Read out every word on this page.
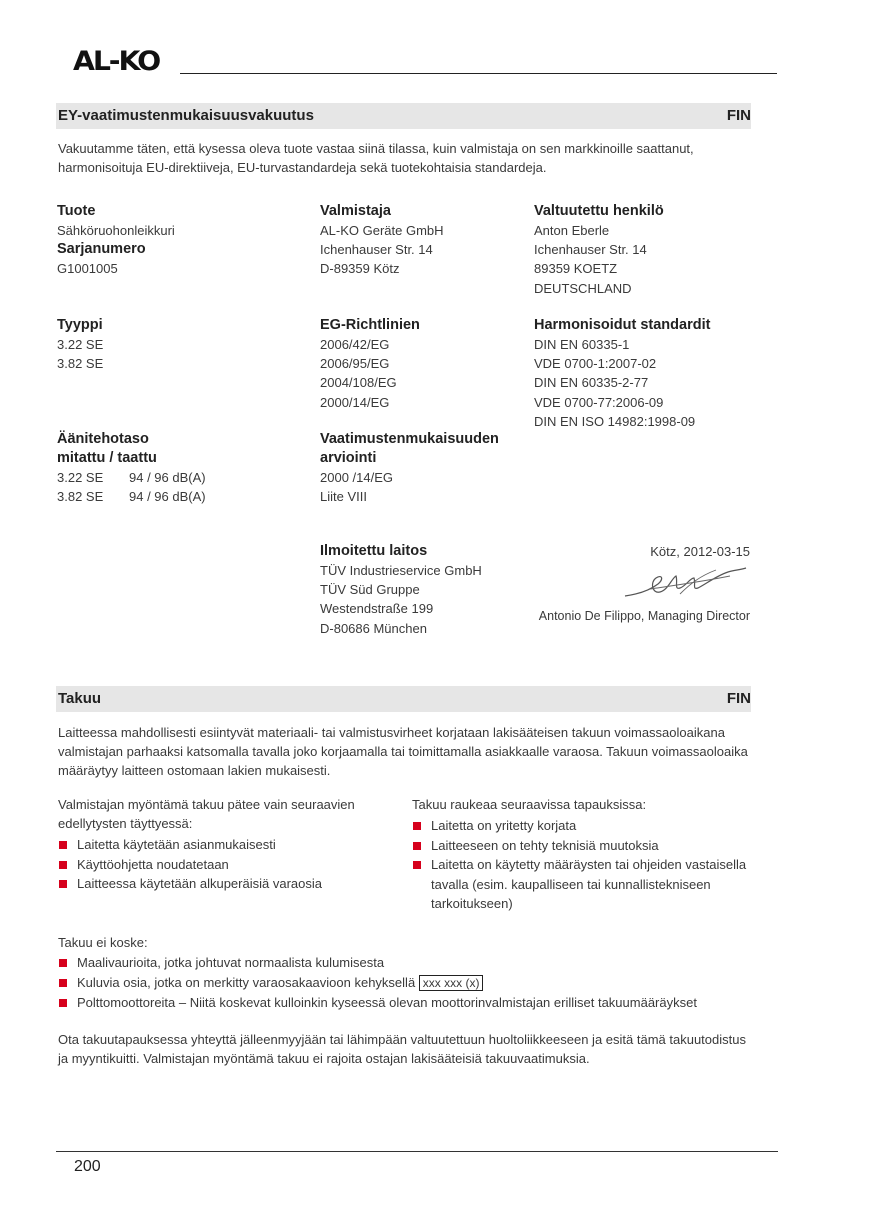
AL-KO
EY-vaatimustenmukaisuusvakuutus	FIN
Vakuutamme täten, että kysessa oleva tuote vastaa siinä tilassa, kuin valmistaja on sen markkinoille saattanut, harmonisoituja EU-direktiiveja, EU-turvastandardeja sekä tuotekohtaisia standardeja.
Tuote
Sähköruohonleikkuri
Sarjanumero
G1001005
Valmistaja
AL-KO Geräte GmbH
Ichenhauser Str. 14
D-89359 Kötz
Valtuutettu henkilö
Anton Eberle
Ichenhauser Str. 14
89359 KOETZ
DEUTSCHLAND
Tyyppi
3.22 SE
3.82 SE
EG-Richtlinien
2006/42/EG
2006/95/EG
2004/108/EG
2000/14/EG
Harmonisoidut standardit
DIN EN 60335-1
VDE 0700-1:2007-02
DIN EN 60335-2-77
VDE 0700-77:2006-09
DIN EN ISO 14982:1998-09
Äänitehotaso
mitattu / taattu
3.22 SE 94 / 96 dB(A)
3.82 SE 94 / 96 dB(A)
Vaatimustenmukaisuuden
arviointi
2000 /14/EG
Liite VIII
Ilmoitettu laitos
TÜV Industrieservice GmbH
TÜV Süd Gruppe
Westendstraße 199
D-80686 München
Kötz, 2012-03-15
Antonio De Filippo, Managing Director
Takuu	FIN
Laitteessa mahdollisesti esiintyvät materiaali- tai valmistusvirheet korjataan lakisääteisen takuun voimassaoloaikana valmistajan parhaaksi katsomalla tavalla joko korjaamalla tai toimittamalla asiakkaalle varaosa. Takuun voimassaoloaika määräytyy laitteen ostomaan lakien mukaisesti.
Valmistajan myöntämä takuu pätee vain seuraavien edellytysten täyttyessä:
Laitetta käytetään asianmukaisesti
Käyttöohjetta noudatetaan
Laitteessa käytetään alkuperäisiä varaosia
Takuu raukeaa seuraavissa tapauksissa:
Laitetta on yritetty korjata
Laitteeseen on tehty teknisiä muutoksia
Laitetta on käytetty määräysten tai ohjeiden vastaisella tavalla (esim. kaupalliseen tai kunnallistekniseen tarkoitukseen)
Takuu ei koske:
Maalivaurioita, jotka johtuvat normaalista kulumisesta
Kuluvia osia, jotka on merkitty varaosakaavioon kehyksellä xxx xxx (x)
Polttomoottoreita – Niitä koskevat kulloinkin kyseessä olevan moottorinvalmistajan erilliset takuumääräykset
Ota takuutapauksessa yhteyttä jälleenmyyjään tai lähimpään valtuutettuun huoltoliikkeeseen ja esitä tämä takuutodistus ja myyntikuitti. Valmistajan myöntämä takuu ei rajoita ostajan lakisääteisiä takuuvaatimuksia.
200
